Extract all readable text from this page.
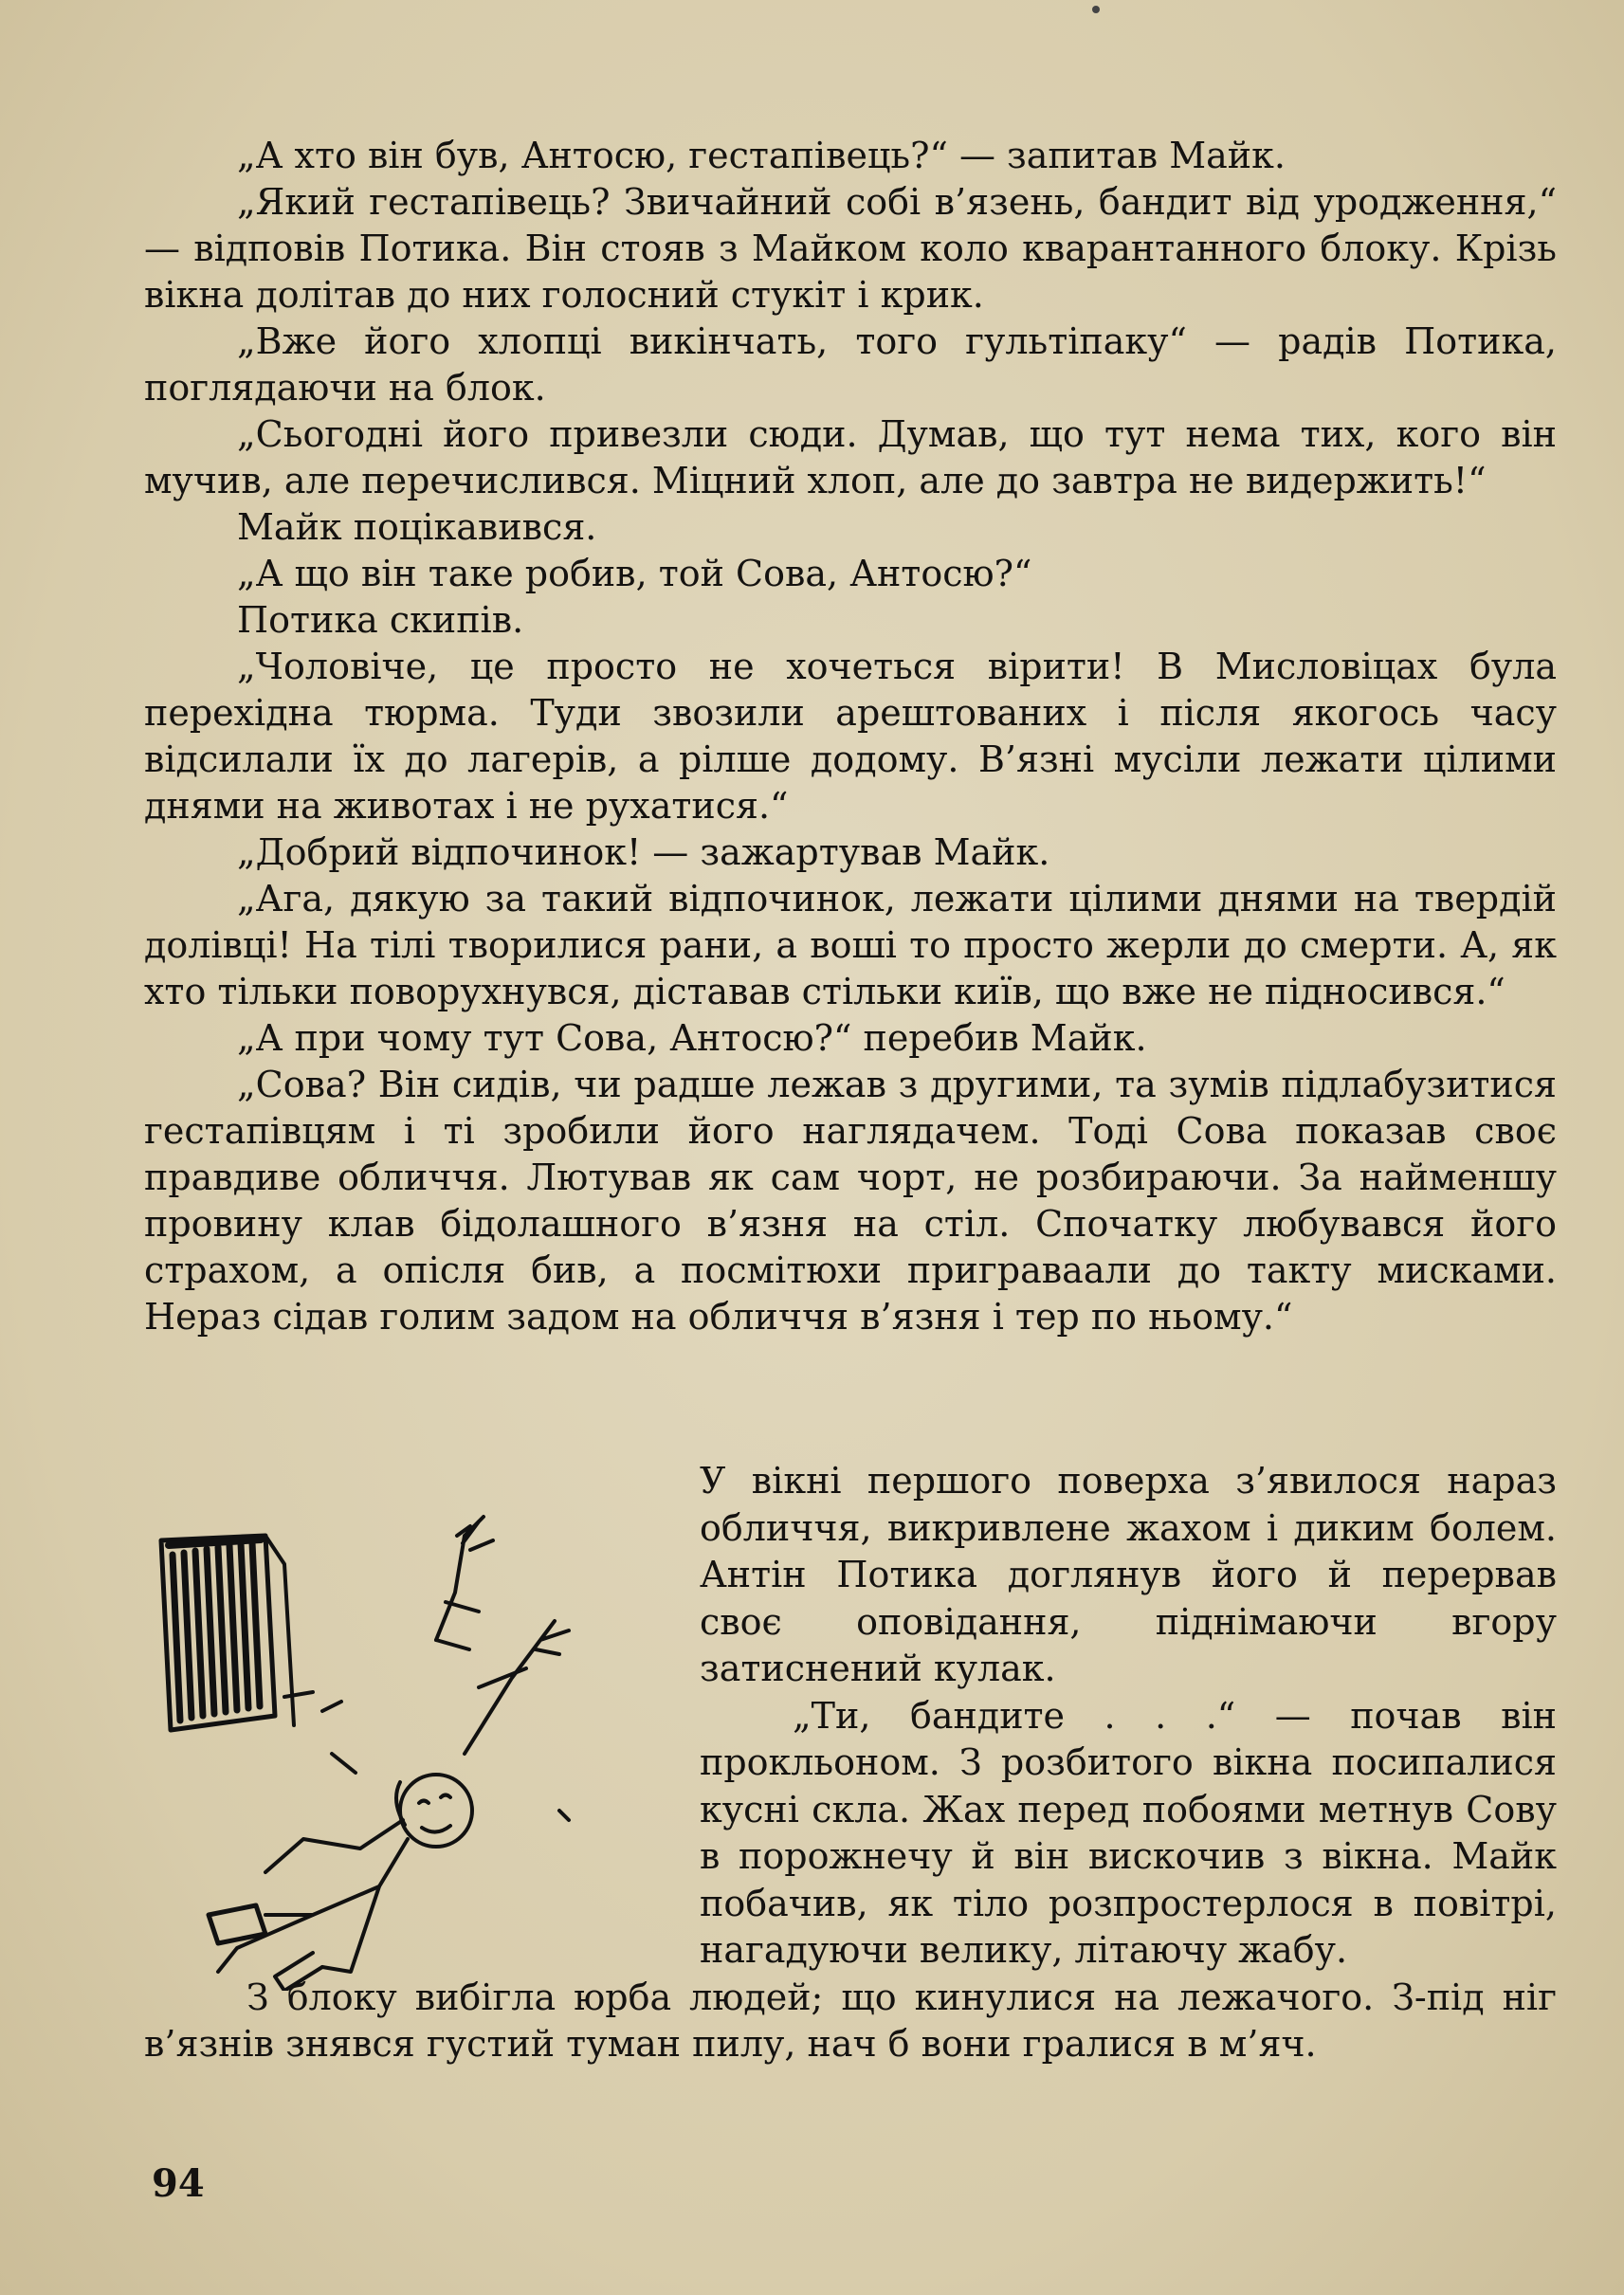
„А хто він був, Антосю, гестапівець?“ — запитав Майк.

„Який гестапівець? Звичайний собі в’язень, бандит від уродження,“ — відповів Потика. Він стояв з Майком коло кварантанного блоку. Крізь вікна долітав до них голосний стукіт і крик.

„Вже його хлопці викінчать, того гультіпаку“ — радів Потика, поглядаючи на блок.

„Сьогодні його привезли сюди. Думав, що тут нема тих, кого він мучив, але перечислився. Міцний хлоп, але до завтра не видержить!“

Майк поцікавився.

„А що він таке робив, той Сова, Антосю?“

Потика скипів.

„Чоловіче, це просто не хочеться вірити! В Мисловіцах була перехідна тюрма. Туди звозили арештованих і після якогось часу відсилали їх до лагерів, а рілше додому. В’язні мусіли лежати цілими днями на животах і не рухатися.“

„Добрий відпочинок! — зажартував Майк.

„Ага, дякую за такий відпочинок, лежати цілими днями на твердій долівці! На тілі творилися рани, а воші то просто жерли до смерти. А, як хто тільки поворухнувся, діставав стільки київ, що вже не підносився.“

„А при чому тут Сова, Антосю?“ перебив Майк.

„Сова? Він сидів, чи радше лежав з другими, та зумів підлабузитися гестапівцям і ті зробили його наглядачем. Тоді Сова показав своє правдиве обличчя. Лютував як сам чорт, не розбираючи. За найменшу провину клав бідолашного в’язня на стіл. Спочатку любувався його страхом, а опісля бив, а посмітюхи приграваали до такту мисками. Нераз сідав голим задом на обличчя в’язня і тер по ньому.“

У вікні першого поверха з’явилося нараз обличчя, викривлене жахом і диким болем. Антін Потика доглянув його й перервав своє оповідання, піднімаючи вгору затиснений кулак.

„Ти, бандите . . .“ — почав він прокльоном. З розбитого вікна посипалися кусні скла. Жах перед побоями метнув Сову в порожнечу й він вискочив з вікна. Майк побачив, як тіло розпростерлося в повітрі, нагадуючи велику, літаючу жабу.

З блоку вибігла юрба людей; що кинулися на лежачого. З-під ніг в’язнів знявся густий туман пилу, нач б вони гралися в м’яч.

94
